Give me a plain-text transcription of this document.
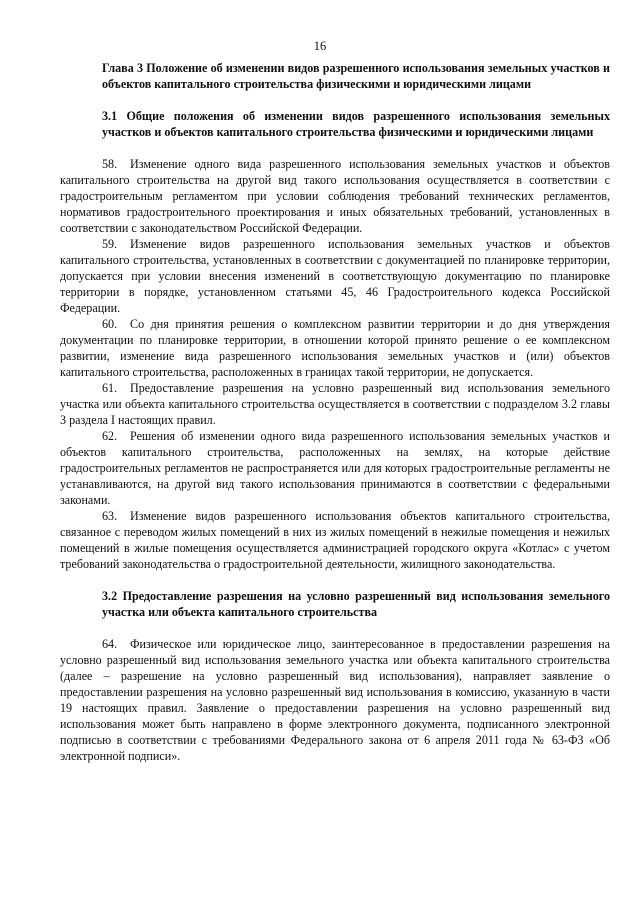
16
Глава 3 Положение об изменении видов разрешенного использования земельных участков и объектов капитального строительства физическими и юридическими лицами
3.1 Общие положения об изменении видов разрешенного использования земельных участков и объектов капитального строительства физическими и юридическими лицами

58. Изменение одного вида разрешенного использования земельных участков и объектов капитального строительства на другой вид такого использования осуществляется в соответствии с градостроительным регламентом при условии соблюдения требований технических регламентов, нормативов градостроительного проектирования и иных обязательных требований, установленных в соответствии с законодательством Российской Федерации.

59. Изменение видов разрешенного использования земельных участков и объектов капитального строительства, установленных в соответствии с документацией по планировке территории, допускается при условии внесения изменений в соответствующую документацию по планировке территории в порядке, установленном статьями 45, 46 Градостроительного кодекса Российской Федерации.

60. Со дня принятия решения о комплексном развитии территории и до дня утверждения документации по планировке территории, в отношении которой принято решение о ее комплексном развитии, изменение вида разрешенного использования земельных участков и (или) объектов капитального строительства, расположенных в границах такой территории, не допускается.

61. Предоставление разрешения на условно разрешенный вид использования земельного участка или объекта капитального строительства осуществляется в соответствии с подразделом 3.2 главы 3 раздела I настоящих правил.

62. Решения об изменении одного вида разрешенного использования земельных участков и объектов капитального строительства, расположенных на землях, на которые действие градостроительных регламентов не распространяется или для которых градостроительные регламенты не устанавливаются, на другой вид такого использования принимаются в соответствии с федеральными законами.

63. Изменение видов разрешенного использования объектов капитального строительства, связанное с переводом жилых помещений в них из жилых помещений в нежилые помещения и нежилых помещений в жилые помещения осуществляется администрацией городского округа «Котлас» с учетом требований законодательства о градостроительной деятельности, жилищного законодательства.

3.2 Предоставление разрешения на условно разрешенный вид использования земельного участка или объекта капитального строительства

64. Физическое или юридическое лицо, заинтересованное в предоставлении разрешения на условно разрешенный вид использования земельного участка или объекта капитального строительства (далее – разрешение на условно разрешенный вид использования), направляет заявление о предоставлении разрешения на условно разрешенный вид использования в комиссию, указанную в части 19 настоящих правил. Заявление о предоставлении разрешения на условно разрешенный вид использования может быть направлено в форме электронного документа, подписанного электронной подписью в соответствии с требованиями Федерального закона от 6 апреля 2011 года № 63-ФЗ «Об электронной подписи».
